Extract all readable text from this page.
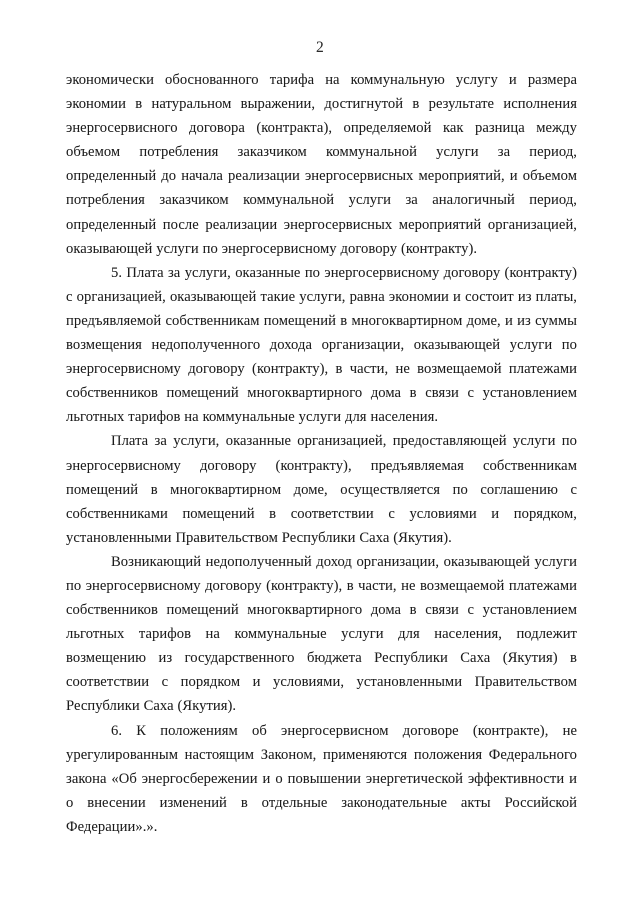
2

экономически обоснованного тарифа на коммунальную услугу и размера экономии в натуральном выражении, достигнутой в результате исполнения энергосервисного договора (контракта), определяемой как разница между объемом потребления заказчиком коммунальной услуги за период, определенный до начала реализации энергосервисных мероприятий, и объемом потребления заказчиком коммунальной услуги за аналогичный период, определенный после реализации энергосервисных мероприятий организацией, оказывающей услуги по энергосервисному договору (контракту).

5. Плата за услуги, оказанные по энергосервисному договору (контракту) с организацией, оказывающей такие услуги, равна экономии и состоит из платы, предъявляемой собственникам помещений в многоквартирном доме, и из суммы возмещения недополученного дохода организации, оказывающей услуги по энергосервисному договору (контракту), в части, не возмещаемой платежами собственников помещений многоквартирного дома в связи с установлением льготных тарифов на коммунальные услуги для населения.

Плата за услуги, оказанные организацией, предоставляющей услуги по энергосервисному договору (контракту), предъявляемая собственникам помещений в многоквартирном доме, осуществляется по соглашению с собственниками помещений в соответствии с условиями и порядком, установленными Правительством Республики Саха (Якутия).

Возникающий недополученный доход организации, оказывающей услуги по энергосервисному договору (контракту), в части, не возмещаемой платежами собственников помещений многоквартирного дома в связи с установлением льготных тарифов на коммунальные услуги для населения, подлежит возмещению из государственного бюджета Республики Саха (Якутия) в соответствии с порядком и условиями, установленными Правительством Республики Саха (Якутия).

6. К положениям об энергосервисном договоре (контракте), не урегулированным настоящим Законом, применяются положения Федерального закона «Об энергосбережении и о повышении энергетической эффективности и о внесении изменений в отдельные законодательные акты Российской Федерации».».
